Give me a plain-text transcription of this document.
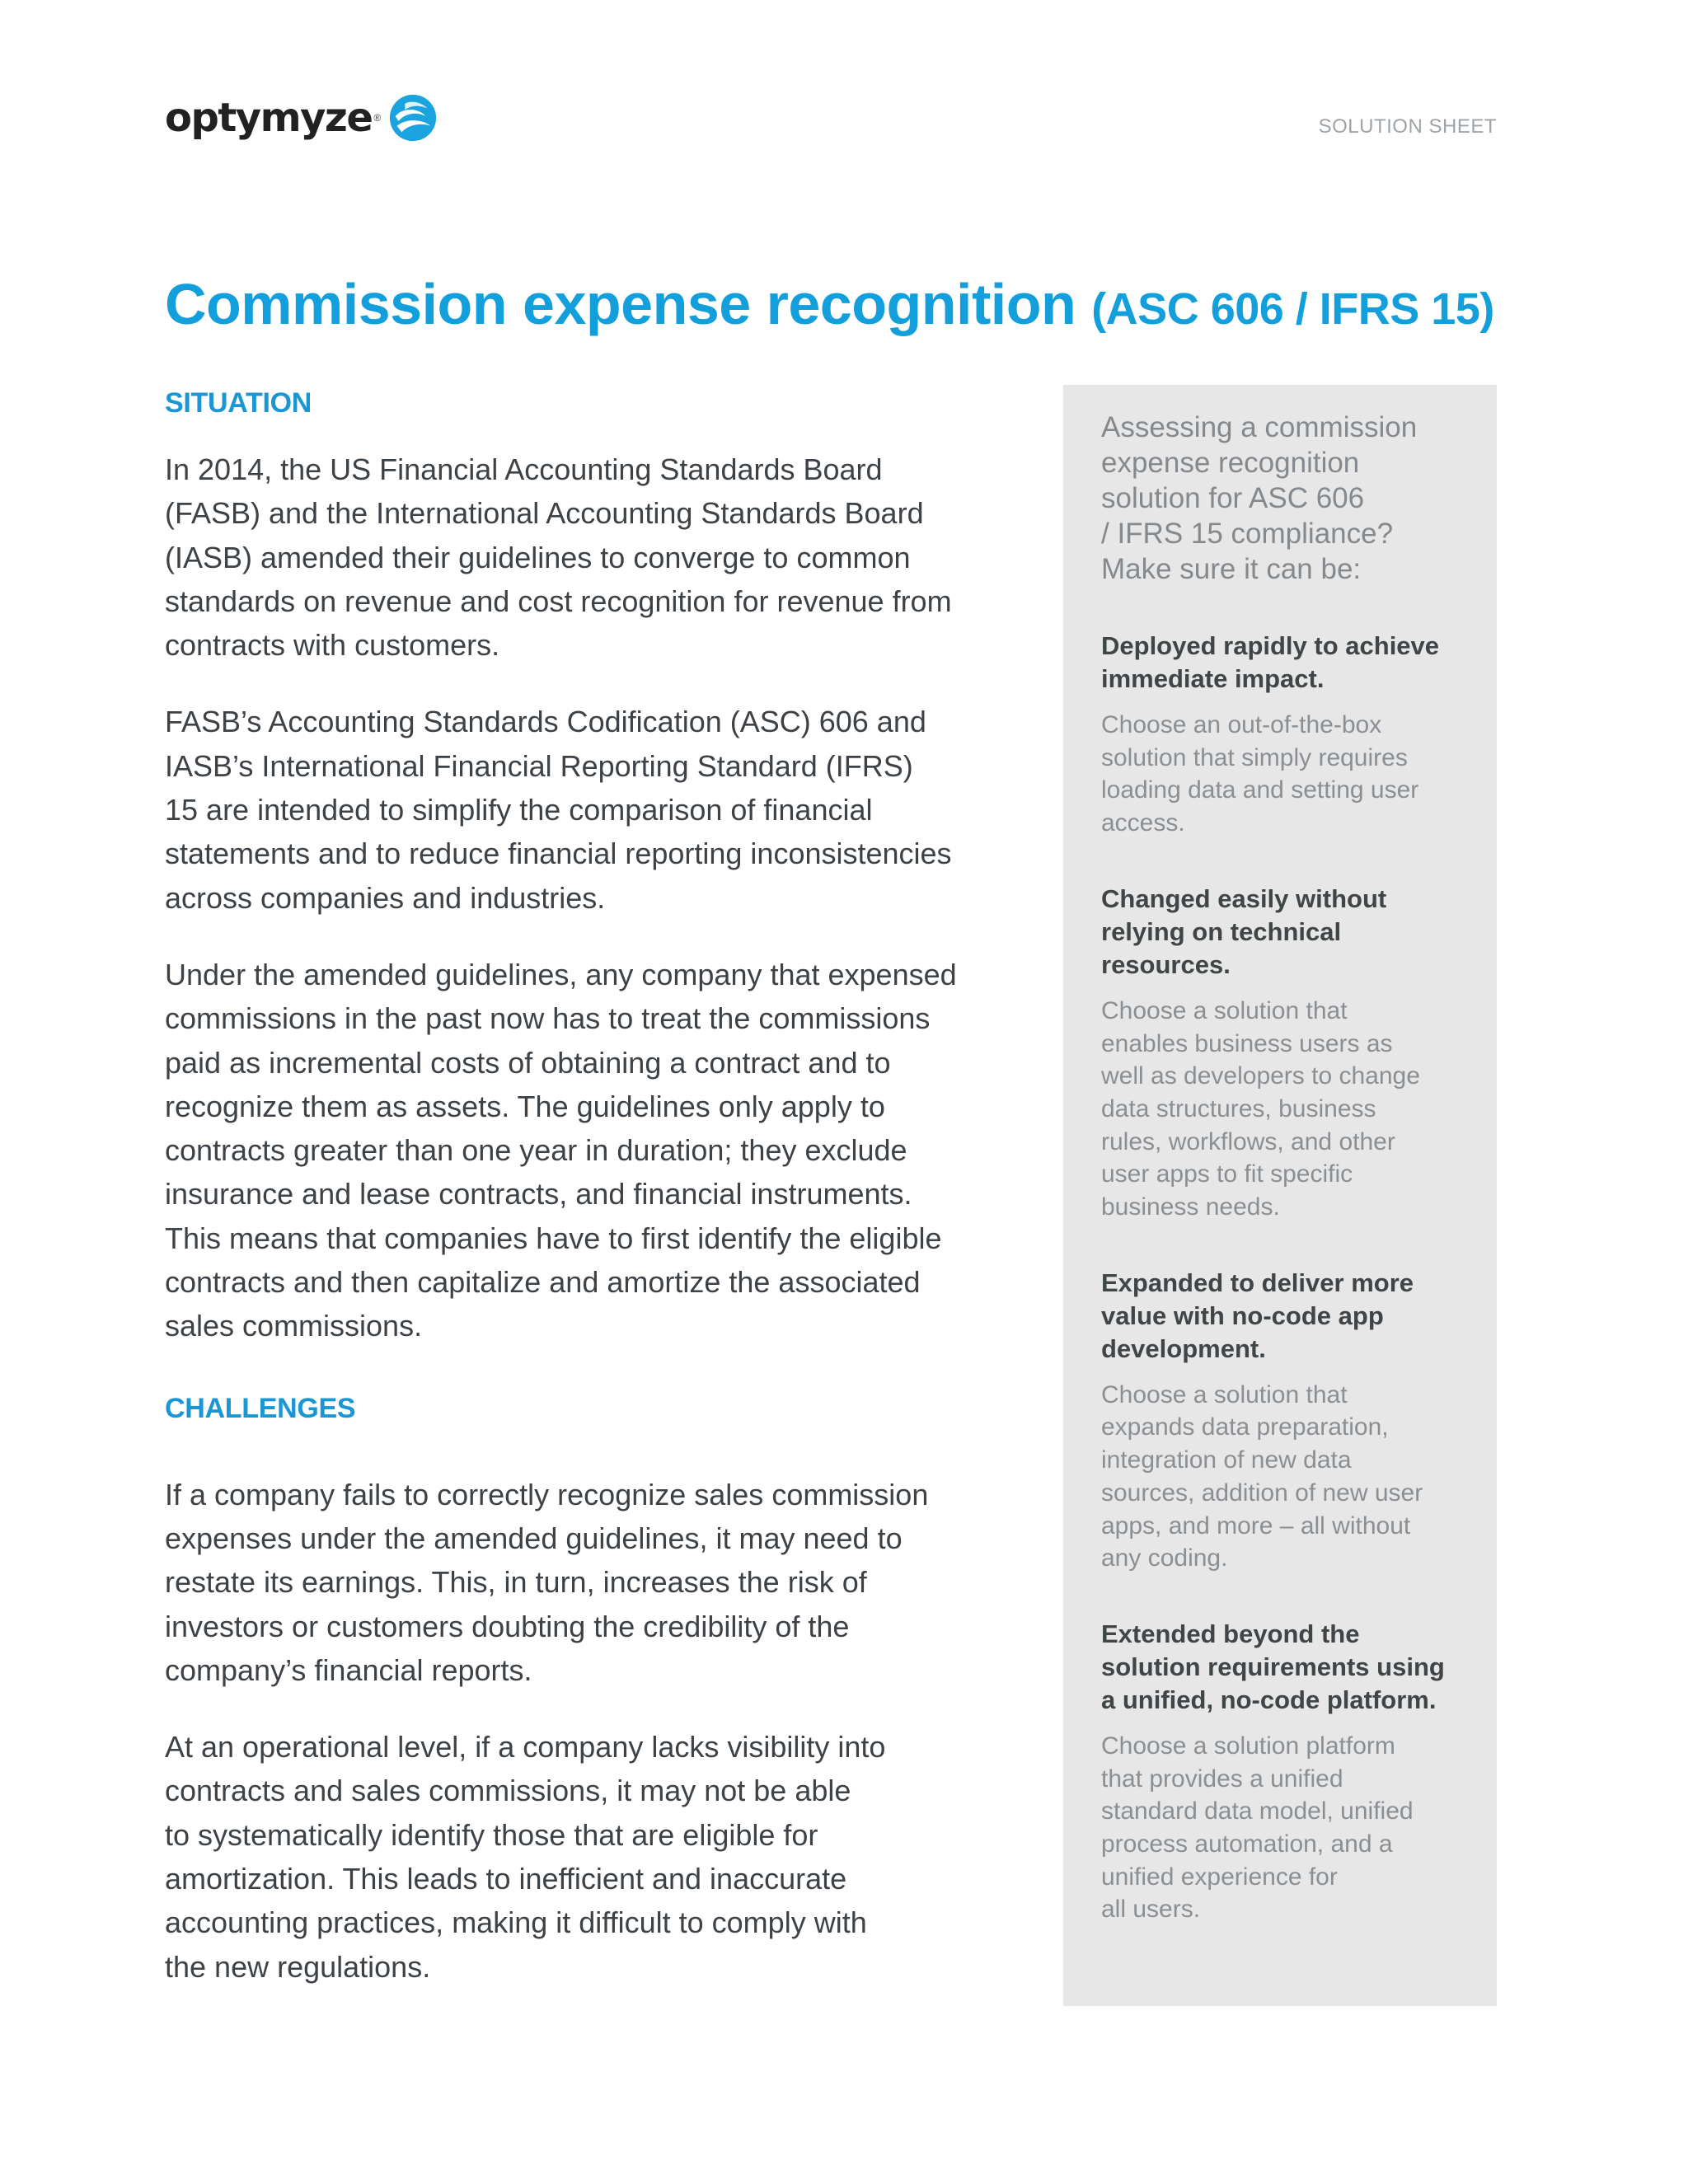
optymyze ®	SOLUTION SHEET
Commission expense recognition (ASC 606 / IFRS 15)
SITUATION

In 2014, the US Financial Accounting Standards Board
(FASB) and the International Accounting Standards Board
(IASB) amended their guidelines to converge to common
standards on revenue and cost recognition for revenue from
contracts with customers.

FASB’s Accounting Standards Codification (ASC) 606 and
IASB’s International Financial Reporting Standard (IFRS)
15 are intended to simplify the comparison of financial
statements and to reduce financial reporting inconsistencies
across companies and industries.

Under the amended guidelines, any company that expensed
commissions in the past now has to treat the commissions
paid as incremental costs of obtaining a contract and to
recognize them as assets. The guidelines only apply to
contracts greater than one year in duration; they exclude
insurance and lease contracts, and financial instruments.
This means that companies have to first identify the eligible
contracts and then capitalize and amortize the associated
sales commissions.

CHALLENGES

If a company fails to correctly recognize sales commission
expenses under the amended guidelines, it may need to
restate its earnings. This, in turn, increases the risk of
investors or customers doubting the credibility of the
company’s financial reports.

At an operational level, if a company lacks visibility into
contracts and sales commissions, it may not be able
to systematically identify those that are eligible for
amortization. This leads to inefficient and inaccurate
accounting practices, making it difficult to comply with
the new regulations.

Assessing a commission
expense recognition
solution for ASC 606
/ IFRS 15 compliance?
Make sure it can be:

Deployed rapidly to achieve
immediate impact.

Choose an out-of-the-box
solution that simply requires
loading data and setting user
access.

Changed easily without
relying on technical
resources.

Choose a solution that
enables business users as
well as developers to change
data structures, business
rules, workflows, and other
user apps to fit specific
business needs.

Expanded to deliver more
value with no-code app
development.

Choose a solution that
expands data preparation,
integration of new data
sources, addition of new user
apps, and more – all without
any coding.

Extended beyond the
solution requirements using
a unified, no-code platform.

Choose a solution platform
that provides a unified
standard data model, unified
process automation, and a
unified experience for
all users.
